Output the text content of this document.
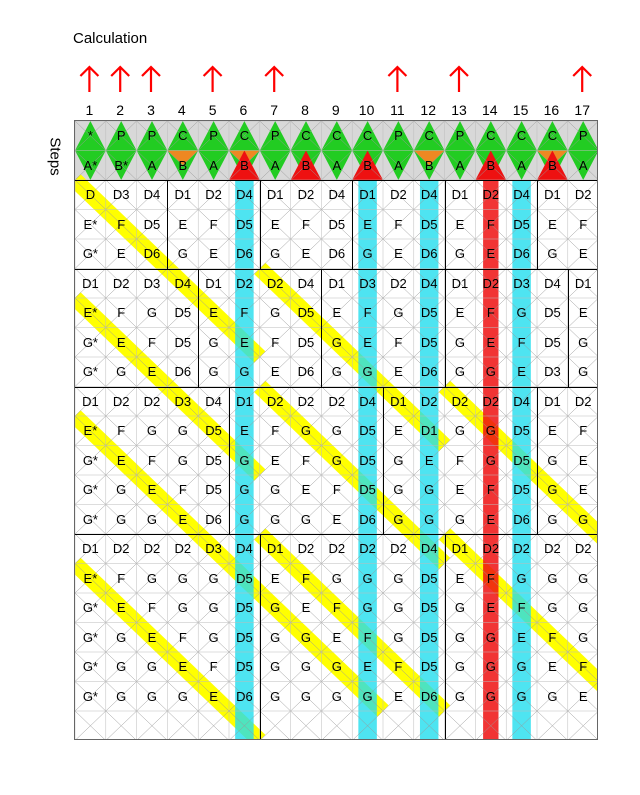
Calculation
Steps
1	2	3	4	5	6	7	8	9	10	11	12	13	14	15	16	17
*	P	P	C	P	C	P	C	C	C	P	C	P	C	C	C	P
A*	B*	A	B	A	B	A	B	A	B	A	B	A	B	A	B	A
D	D3	D4	D1	D2	D4	D1	D2	D4	D1	D2	D4	D1	D2	D4	D1	D2
E*	F	D5	E	F	D5	E	F	D5	E	F	D5	E	F	D5	E	F
G*	E	D6	G	E	D6	G	E	D6	G	E	D6	G	E	D6	G	E
D1	D2	D3	D4	D1	D2	D2	D4	D1	D3	D2	D4	D1	D2	D3	D4	D1
E*	F	G	D5	E	F	G	D5	E	F	G	D5	E	F	G	D5	E
G*	E	F	D5	G	E	F	D5	G	E	F	D5	G	E	F	D5	G
G*	G	E	D6	G	G	E	D6	G	G	E	D6	G	G	E	D3	G
D1	D2	D2	D3	D4	D1	D2	D2	D2	D4	D1	D2	D2	D2	D4	D1	D2
E*	F	G	G	D5	E	F	G	G	D5	E	D1	G	G	D5	E	F
G*	E	F	G	D5	G	E	F	G	D5	G	E	F	G	D5	G	E
G*	G	E	F	D5	G	G	E	F	D5	G	G	E	F	D5	G	E
G*	G	G	E	D6	G	G	G	E	D6	G	G	G	E	D6	G	G
D1	D2	D2	D2	D3	D4	D1	D2	D2	D2	D2	D4	D1	D2	D2	D2	D2
E*	F	G	G	G	D5	E	F	G	G	G	D5	E	F	G	G	G
G*	E	F	G	G	D5	G	E	F	G	G	D5	G	E	F	G	G
G*	G	E	F	G	D5	G	G	E	F	G	D5	G	G	E	F	G
G*	G	G	E	F	D5	G	G	G	E	F	D5	G	G	G	E	F
G*	G	G	G	E	D6	G	G	G	G	E	D6	G	G	G	G	E
